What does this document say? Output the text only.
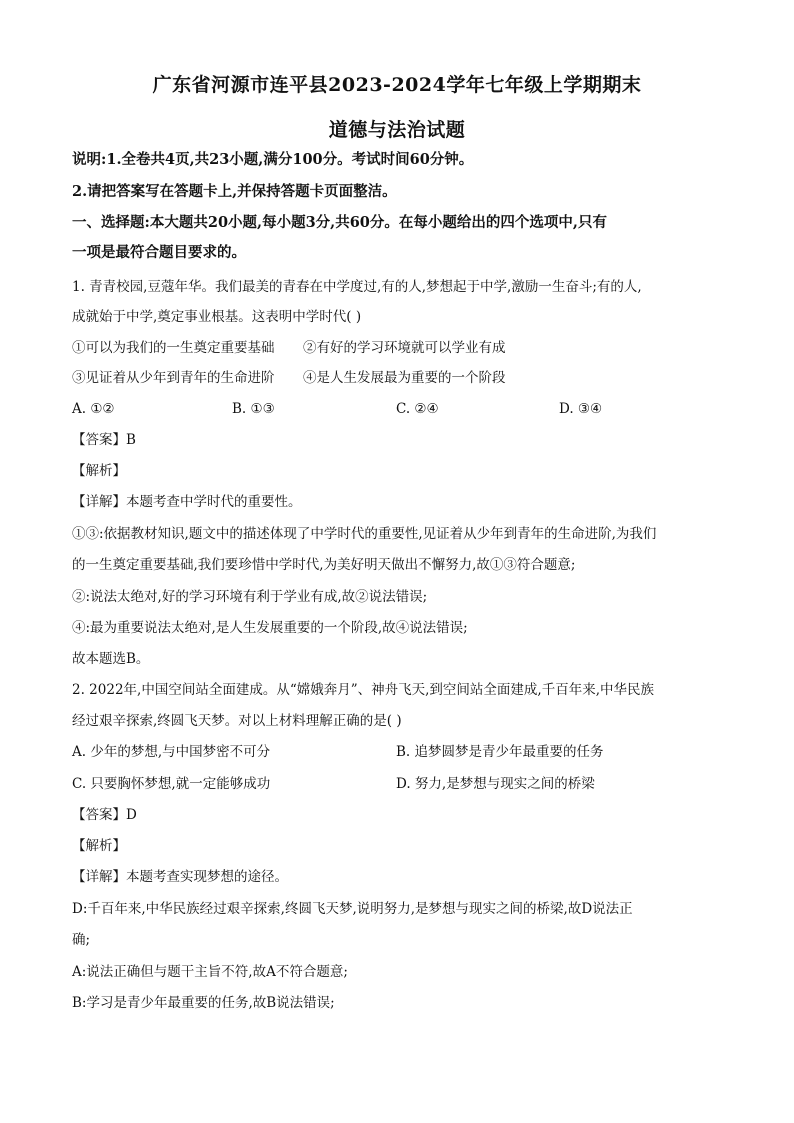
广东省河源市连平县2023-2024学年七年级上学期期末
道德与法治试题
说明:1.全卷共4页,共23小题,满分100分。考试时间60分钟。
2.请把答案写在答题卡上,并保持答题卡页面整洁。
一、选择题:本大题共20小题,每小题3分,共60分。在每小题给出的四个选项中,只有
一项是最符合题目要求的。
1. 青青校园,豆蔻年华。我们最美的青春在中学度过,有的人,梦想起于中学,激励一生奋斗;有的人,
成就始于中学,奠定事业根基。这表明中学时代( )
①可以为我们的一生奠定重要基础 ②有好的学习环境就可以学业有成
③见证着从少年到青年的生命进阶 ④是人生发展最为重要的一个阶段
A. ①②	B. ①③	C. ②④	D. ③④
【答案】B
【解析】
【详解】本题考查中学时代的重要性。
①③:依据教材知识,题文中的描述体现了中学时代的重要性,见证着从少年到青年的生命进阶,为我们
的一生奠定重要基础,我们要珍惜中学时代,为美好明天做出不懈努力,故①③符合题意;
②:说法太绝对,好的学习环境有利于学业有成,故②说法错误;
④:最为重要说法太绝对,是人生发展重要的一个阶段,故④说法错误;
故本题选B。
2. 2022年,中国空间站全面建成。从“嫦娥奔月”、神舟飞天,到空间站全面建成,千百年来,中华民族
经过艰辛探索,终圆飞天梦。对以上材料理解正确的是( )
A. 少年的梦想,与中国梦密不可分	B. 追梦圆梦是青少年最重要的任务
C. 只要胸怀梦想,就一定能够成功	D. 努力,是梦想与现实之间的桥梁
【答案】D
【解析】
【详解】本题考查实现梦想的途径。
D:千百年来,中华民族经过艰辛探索,终圆飞天梦,说明努力,是梦想与现实之间的桥梁,故D说法正
确;
A:说法正确但与题干主旨不符,故A不符合题意;
B:学习是青少年最重要的任务,故B说法错误;
